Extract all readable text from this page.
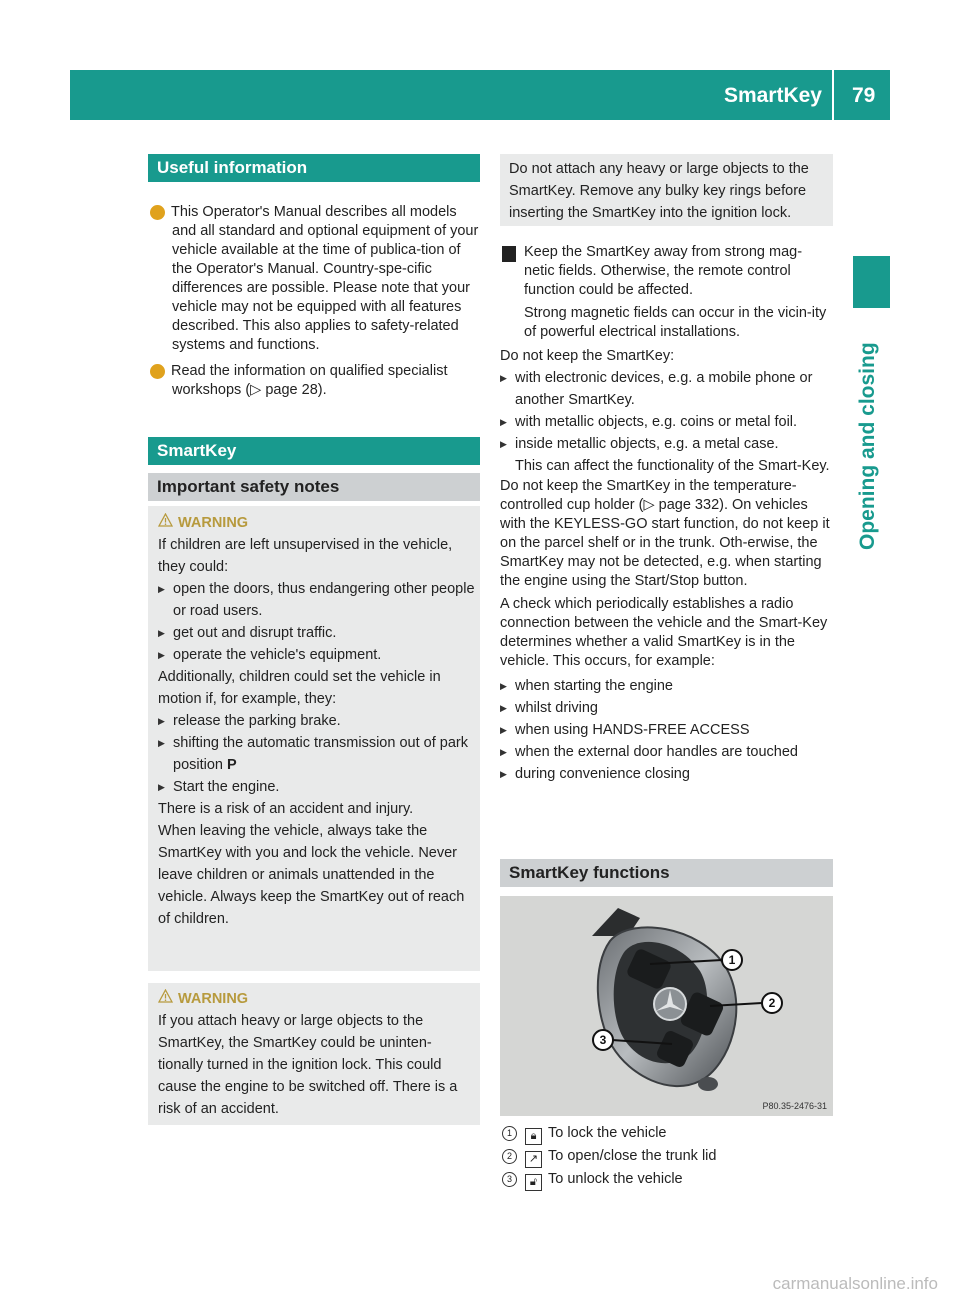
SmartKey 79
Opening and closing
Useful information

i This Operator's Manual describes all models and all standard and optional equipment of your vehicle available at the time of publica-tion of the Operator's Manual. Country-spe-cific differences are possible. Please note that your vehicle may not be equipped with all features described. This also applies to safety-related systems and functions.

i Read the information on qualified specialist workshops (▷ page 28).

SmartKey
Important safety notes
WARNING

If children are left unsupervised in the vehicle, they could:

▶ open the doors, thus endangering other people or road users.
▶ get out and disrupt traffic.
▶ operate the vehicle's equipment.

Additionally, children could set the vehicle in motion if, for example, they:

▶ release the parking brake.
▶ shifting the automatic transmission out of park position P
▶ Start the engine.

There is a risk of an accident and injury.

When leaving the vehicle, always take the SmartKey with you and lock the vehicle. Never leave children or animals unattended in the vehicle. Always keep the SmartKey out of reach of children.

WARNING

If you attach heavy or large objects to the SmartKey, the SmartKey could be uninten-tionally turned in the ignition lock. This could cause the engine to be switched off. There is a risk of an accident.

Do not attach any heavy or large objects to the SmartKey. Remove any bulky key rings before inserting the SmartKey into the ignition lock.

! Keep the SmartKey away from strong mag-netic fields. Otherwise, the remote control function could be affected.

Strong magnetic fields can occur in the vicin-ity of powerful electrical installations.

Do not keep the SmartKey:

▶ with electronic devices, e.g. a mobile phone or another SmartKey.
▶ with metallic objects, e.g. coins or metal foil.
▶ inside metallic objects, e.g. a metal case.

This can affect the functionality of the Smart-Key.

Do not keep the SmartKey in the temperature-controlled cup holder (▷ page 332). On vehicles with the KEYLESS-GO start function, do not keep it on the parcel shelf or in the trunk. Oth-erwise, the SmartKey may not be detected, e.g. when starting the engine using the Start/Stop button.

A check which periodically establishes a radio connection between the vehicle and the Smart-Key determines whether a valid SmartKey is in the vehicle. This occurs, for example:

▶ when starting the engine
▶ whilst driving
▶ when using HANDS-FREE ACCESS
▶ when the external door handles are touched
▶ during convenience closing
SmartKey functions
1
2
3
P80.35-2476-31
1 🔒︎ To lock the vehicle
2 ↗ To open/close the trunk lid
3 🔓︎ To unlock the vehicle
carmanualsonline.info
